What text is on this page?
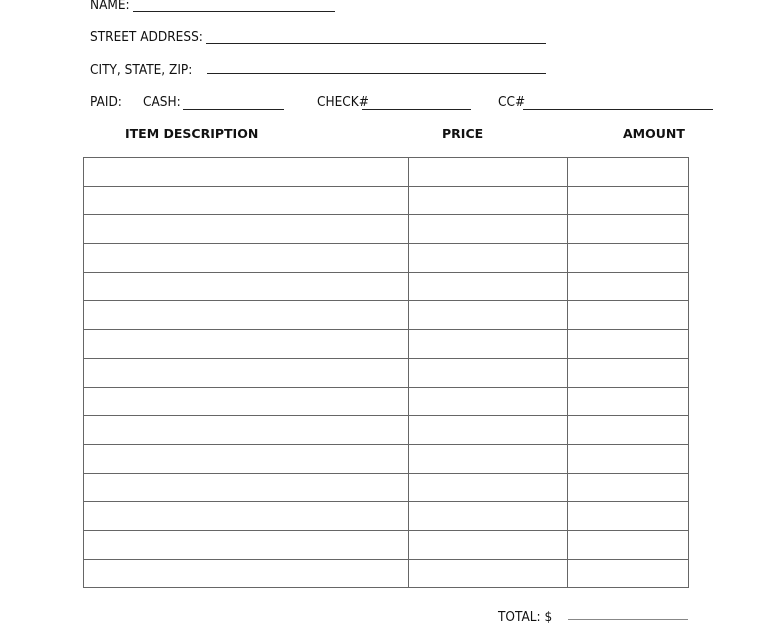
NAME:
STREET ADDRESS:
CITY, STATE, ZIP:
PAID: CASH:	CHECK#	CC#
ITEM DESCRIPTION	PRICE	AMOUNT

TOTAL: $
